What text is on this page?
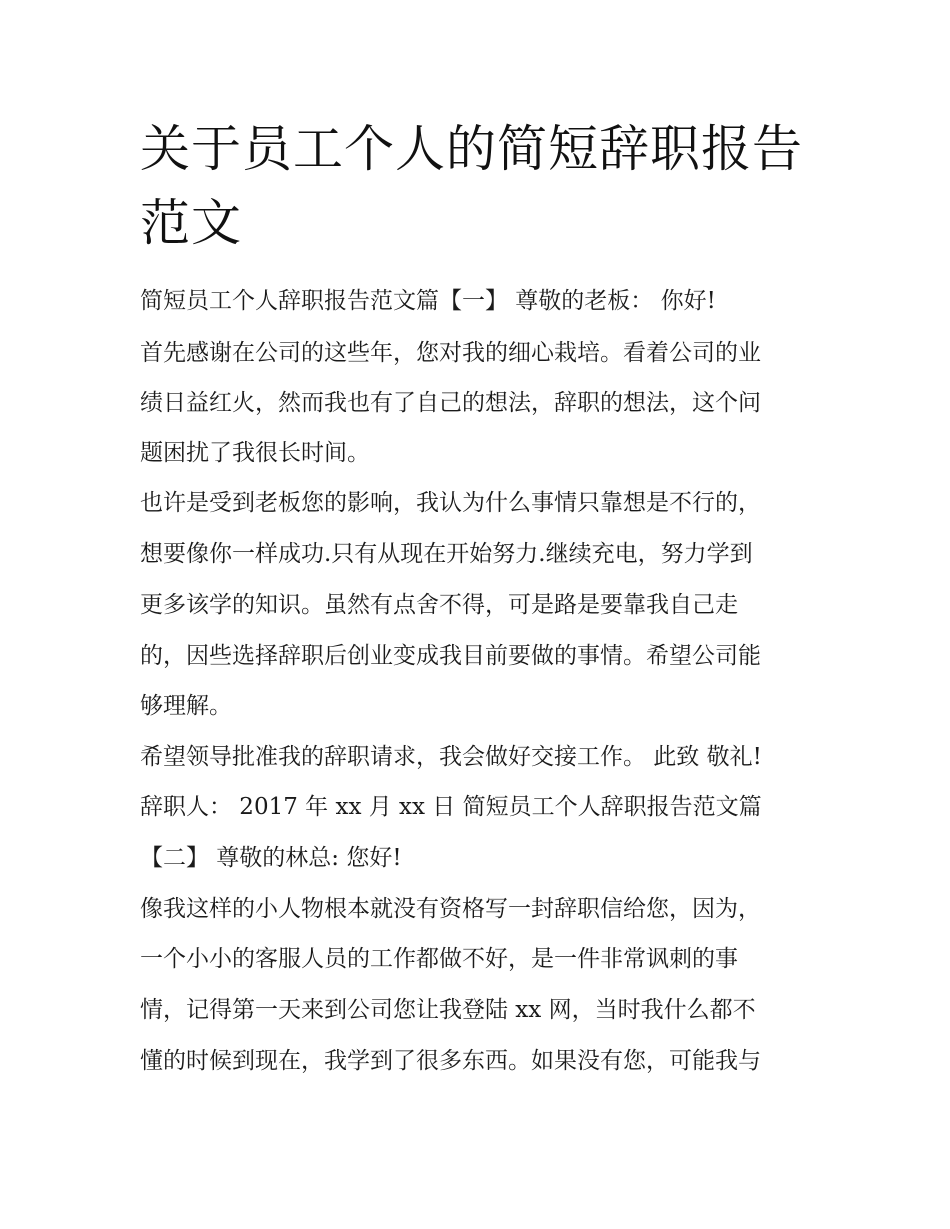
关于员工个人的简短辞职报告范文

简短员工个人辞职报告范文篇【一】 尊敬的老板： 你好!

首先感谢在公司的这些年，您对我的细心栽培。看着公司的业

绩日益红火，然而我也有了自己的想法，辞职的想法，这个问

题困扰了我很长时间。

也许是受到老板您的影响，我认为什么事情只靠想是不行的，

想要像你一样成功.只有从现在开始努力.继续充电，努力学到

更多该学的知识。虽然有点舍不得，可是路是要靠我自己走

的，因些选择辞职后创业变成我目前要做的事情。希望公司能

够理解。

希望领导批准我的辞职请求，我会做好交接工作。 此致 敬礼!

辞职人： 2017 年 xx 月 xx 日 简短员工个人辞职报告范文篇

【二】 尊敬的林总: 您好!

像我这样的小人物根本就没有资格写一封辞职信给您，因为，

一个小小的客服人员的工作都做不好，是一件非常讽刺的事

情，记得第一天来到公司您让我登陆 xx 网，当时我什么都不

懂的时候到现在，我学到了很多东西。如果没有您，可能我与
